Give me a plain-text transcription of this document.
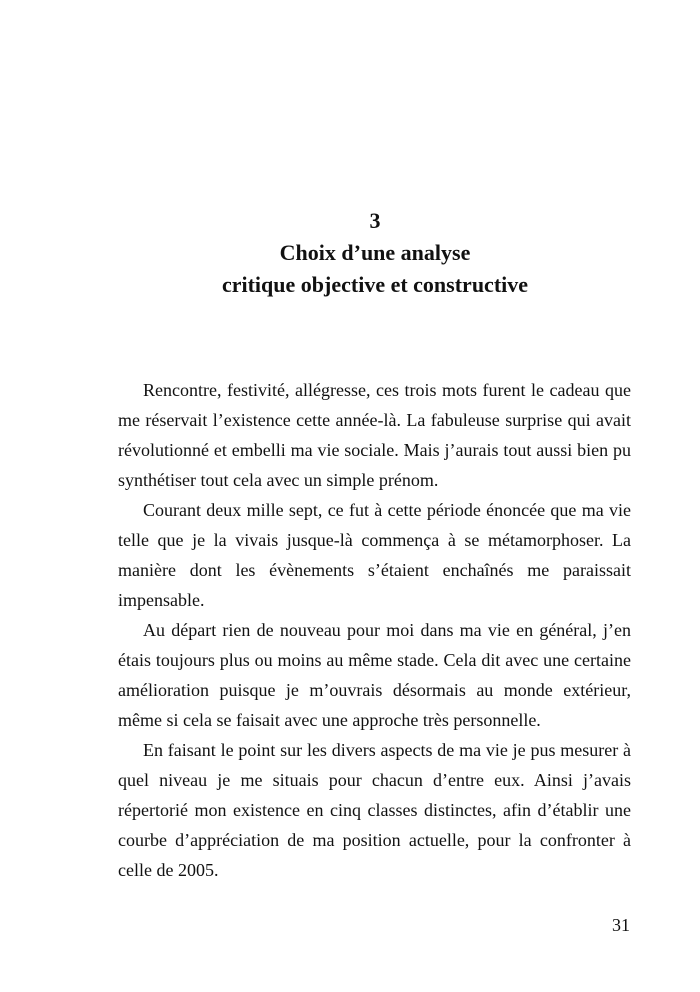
3
Choix d’une analyse
critique objective et constructive

Rencontre, festivité, allégresse, ces trois mots furent le cadeau que me réservait l’existence cette année-là. La fabuleuse surprise qui avait révolutionné et embelli ma vie sociale. Mais j’aurais tout aussi bien pu synthétiser tout cela avec un simple prénom.

Courant deux mille sept, ce fut à cette période énoncée que ma vie telle que je la vivais jusque-là commença à se métamorphoser. La manière dont les évènements s’étaient enchaînés me paraissait impensable.

Au départ rien de nouveau pour moi dans ma vie en général, j’en étais toujours plus ou moins au même stade. Cela dit avec une certaine amélioration puisque je m’ouvrais désormais au monde extérieur, même si cela se faisait avec une approche très personnelle.

En faisant le point sur les divers aspects de ma vie je pus mesurer à quel niveau je me situais pour chacun d’entre eux. Ainsi j’avais répertorié mon existence en cinq classes distinctes, afin d’établir une courbe d’appréciation de ma position actuelle, pour la confronter à celle de 2005.

31
